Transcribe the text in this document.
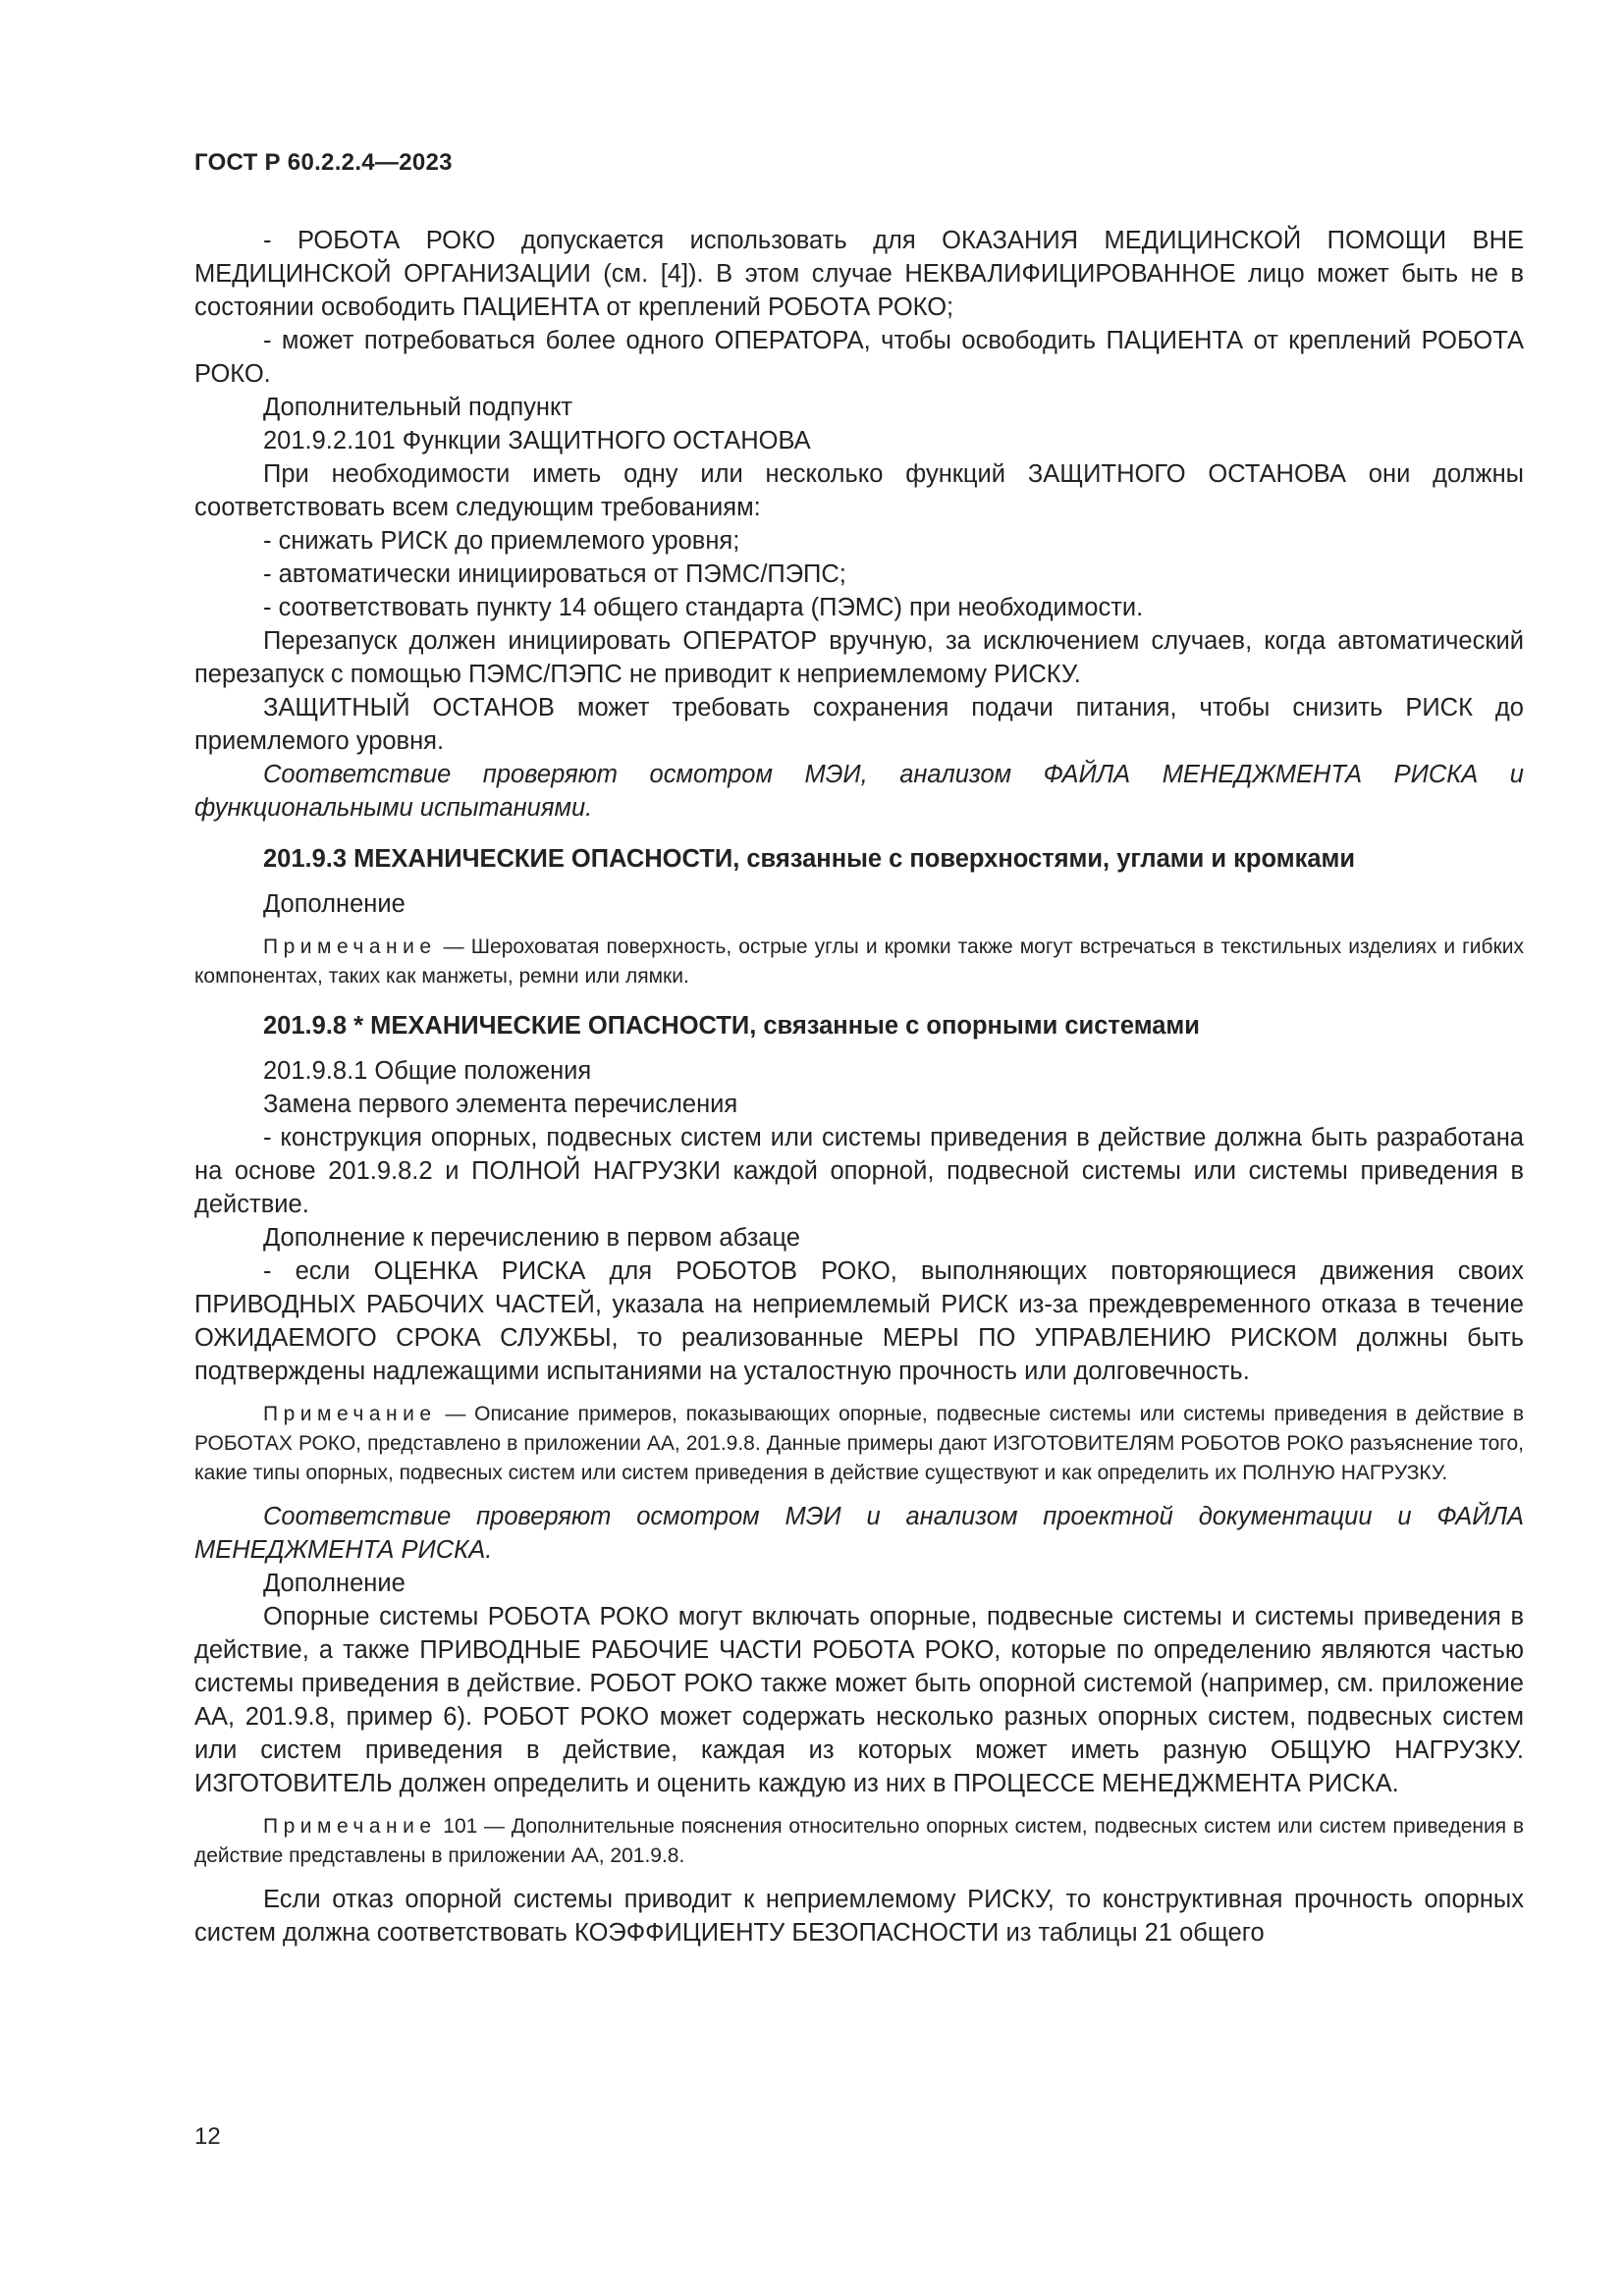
ГОСТ Р 60.2.2.4—2023

- РОБОТА РОКО допускается использовать для ОКАЗАНИЯ МЕДИЦИНСКОЙ ПОМОЩИ ВНЕ МЕДИЦИНСКОЙ ОРГАНИЗАЦИИ (см. [4]). В этом случае НЕКВАЛИФИЦИРОВАННОЕ лицо может быть не в состоянии освободить ПАЦИЕНТА от креплений РОБОТА РОКО;

- может потребоваться более одного ОПЕРАТОРА, чтобы освободить ПАЦИЕНТА от креплений РОБОТА РОКО.

Дополнительный подпункт

201.9.2.101 Функции ЗАЩИТНОГО ОСТАНОВА

При необходимости иметь одну или несколько функций ЗАЩИТНОГО ОСТАНОВА они должны соответствовать всем следующим требованиям:

- снижать РИСК до приемлемого уровня;

- автоматически инициироваться от ПЭМС/ПЭПС;

- соответствовать пункту 14 общего стандарта (ПЭМС) при необходимости.

Перезапуск должен инициировать ОПЕРАТОР вручную, за исключением случаев, когда автоматический перезапуск с помощью ПЭМС/ПЭПС не приводит к неприемлемому РИСКУ.

ЗАЩИТНЫЙ ОСТАНОВ может требовать сохранения подачи питания, чтобы снизить РИСК до приемлемого уровня.

Соответствие проверяют осмотром МЭИ, анализом ФАЙЛА МЕНЕДЖМЕНТА РИСКА и функциональными испытаниями.

201.9.3 МЕХАНИЧЕСКИЕ ОПАСНОСТИ, связанные с поверхностями, углами и кромками

Дополнение

Примечание — Шероховатая поверхность, острые углы и кромки также могут встречаться в текстильных изделиях и гибких компонентах, таких как манжеты, ремни или лямки.

201.9.8 * МЕХАНИЧЕСКИЕ ОПАСНОСТИ, связанные с опорными системами

201.9.8.1 Общие положения

Замена первого элемента перечисления

- конструкция опорных, подвесных систем или системы приведения в действие должна быть разработана на основе 201.9.8.2 и ПОЛНОЙ НАГРУЗКИ каждой опорной, подвесной системы или системы приведения в действие.

Дополнение к перечислению в первом абзаце

- если ОЦЕНКА РИСКА для РОБОТОВ РОКО, выполняющих повторяющиеся движения своих ПРИВОДНЫХ РАБОЧИХ ЧАСТЕЙ, указала на неприемлемый РИСК из-за преждевременного отказа в течение ОЖИДАЕМОГО СРОКА СЛУЖБЫ, то реализованные МЕРЫ ПО УПРАВЛЕНИЮ РИСКОМ должны быть подтверждены надлежащими испытаниями на усталостную прочность или долговечность.

Примечание — Описание примеров, показывающих опорные, подвесные системы или системы приведения в действие в РОБОТАХ РОКО, представлено в приложении АА, 201.9.8. Данные примеры дают ИЗГОТОВИТЕЛЯМ РОБОТОВ РОКО разъяснение того, какие типы опорных, подвесных систем или систем приведения в действие существуют и как определить их ПОЛНУЮ НАГРУЗКУ.

Соответствие проверяют осмотром МЭИ и анализом проектной документации и ФАЙЛА МЕНЕДЖМЕНТА РИСКА.

Дополнение

Опорные системы РОБОТА РОКО могут включать опорные, подвесные системы и системы приведения в действие, а также ПРИВОДНЫЕ РАБОЧИЕ ЧАСТИ РОБОТА РОКО, которые по определению являются частью системы приведения в действие. РОБОТ РОКО также может быть опорной системой (например, см. приложение АА, 201.9.8, пример 6). РОБОТ РОКО может содержать несколько разных опорных систем, подвесных систем или систем приведения в действие, каждая из которых может иметь разную ОБЩУЮ НАГРУЗКУ. ИЗГОТОВИТЕЛЬ должен определить и оценить каждую из них в ПРОЦЕССЕ МЕНЕДЖМЕНТА РИСКА.

Примечание 101 — Дополнительные пояснения относительно опорных систем, подвесных систем или систем приведения в действие представлены в приложении АА, 201.9.8.

Если отказ опорной системы приводит к неприемлемому РИСКУ, то конструктивная прочность опорных систем должна соответствовать КОЭФФИЦИЕНТУ БЕЗОПАСНОСТИ из таблицы 21 общего

12
